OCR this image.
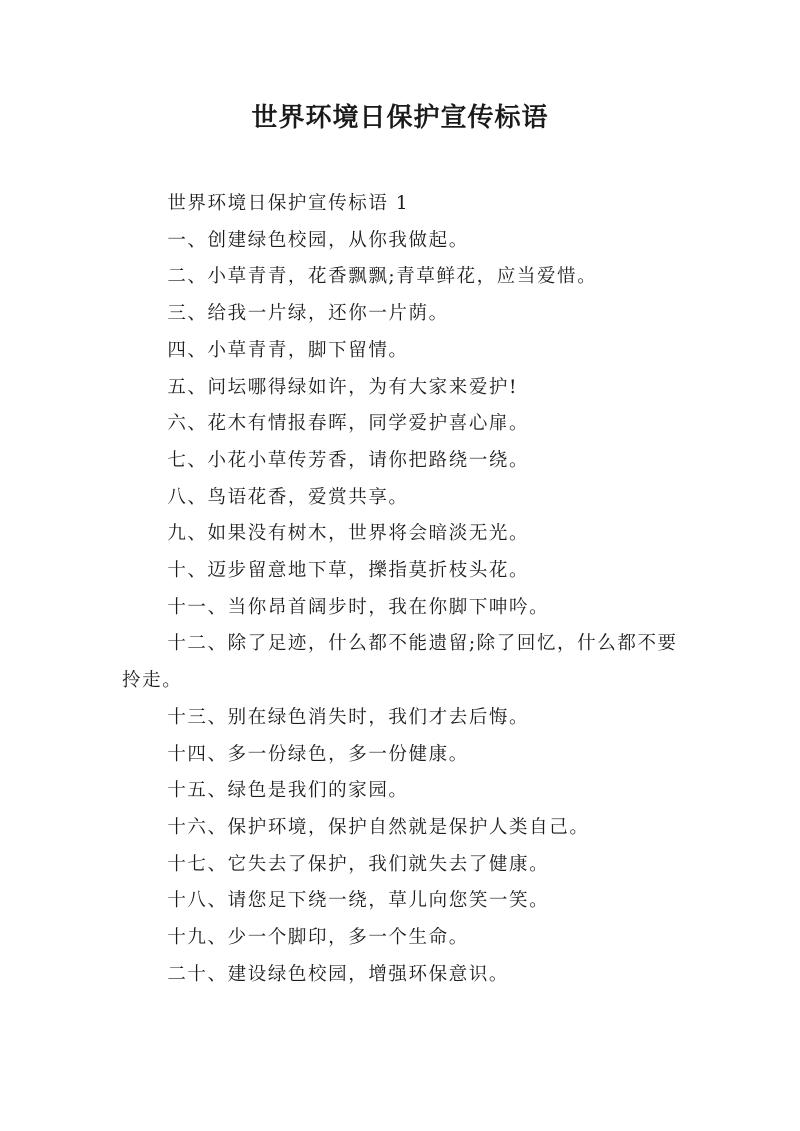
世界环境日保护宣传标语

世界环境日保护宣传标语 1

一、创建绿色校园，从你我做起。

二、小草青青，花香飘飘;青草鲜花，应当爱惜。

三、给我一片绿，还你一片荫。

四、小草青青，脚下留情。

五、问坛哪得绿如许，为有大家来爱护!

六、花木有情报春晖，同学爱护喜心扉。

七、小花小草传芳香，请你把路绕一绕。

八、鸟语花香，爱赏共享。

九、如果没有树木，世界将会暗淡无光。

十、迈步留意地下草，擽指莫折枝头花。

十一、当你昂首阔步时，我在你脚下呻吟。

十二、除了足迹，什么都不能遗留;除了回忆，什么都不要拎走。

十三、别在绿色消失时，我们才去后悔。

十四、多一份绿色，多一份健康。

十五、绿色是我们的家园。

十六、保护环境，保护自然就是保护人类自己。

十七、它失去了保护，我们就失去了健康。

十八、请您足下绕一绕，草儿向您笑一笑。

十九、少一个脚印，多一个生命。

二十、建设绿色校园，增强环保意识。
